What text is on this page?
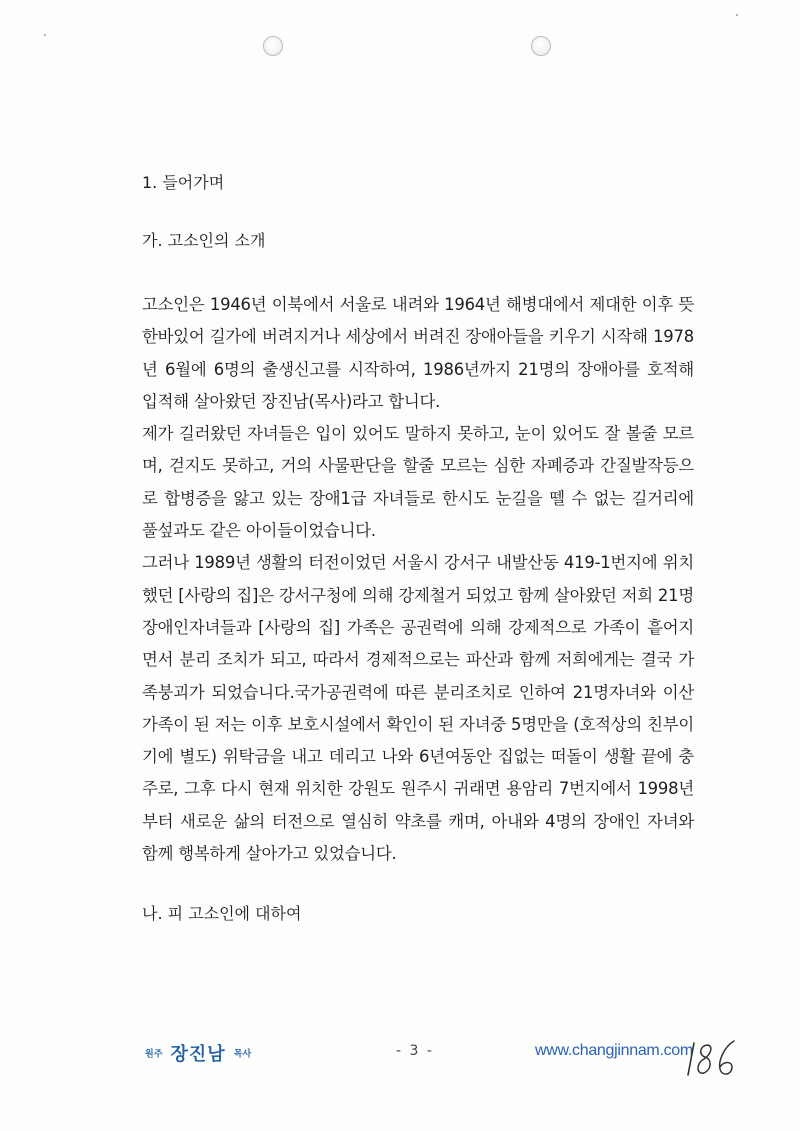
1. 들어가며
가. 고소인의 소개

고소인은 1946년 이북에서 서울로 내려와 1964년 해병대에서 제대한 이후 뜻한바있어 길가에 버려지거나 세상에서 버려진 장애아들을 키우기 시작해 1978년 6월에 6명의 출생신고를 시작하여, 1986년까지 21명의 장애아를 호적해 입적해 살아왔던 장진남(목사)라고 합니다.

제가 길러왔던 자녀들은 입이 있어도 말하지 못하고, 눈이 있어도 잘 볼줄 모르며, 걷지도 못하고, 거의 사물판단을 할줄 모르는 심한 자폐증과 간질발작등으로 합병증을 앓고 있는 장애1급 자녀들로 한시도 눈길을 뗄 수 없는 길거리에 풀섶과도 같은 아이들이었습니다.

그러나 1989년 생활의 터전이었던 서울시 강서구 내발산동 419-1번지에 위치했던 [사랑의 집]은 강서구청에 의해 강제철거 되었고 함께 살아왔던 저희 21명 장애인자녀들과 [사랑의 집] 가족은 공권력에 의해 강제적으로 가족이 흩어지면서 분리 조치가 되고, 따라서 경제적으로는 파산과 함께 저희에게는 결국 가족붕괴가 되었습니다.국가공권력에 따른 분리조치로 인하여 21명자녀와 이산가족이 된 저는 이후 보호시설에서 확인이 된 자녀중 5명만을 (호적상의 친부이기에 별도) 위탁금을 내고 데리고 나와 6년여동안 집없는 떠돌이 생활 끝에 충주로, 그후 다시 현재 위치한 강원도 원주시 귀래면 용암리 7번지에서 1998년부터 새로운 삶의 터전으로 열심히 약초를 캐며, 아내와 4명의 장애인 자녀와 함께 행복하게 살아가고 있었습니다.

나. 피 고소인에 대하여
원주 장진남 목사	- 3 -	www.changjinnam.com
